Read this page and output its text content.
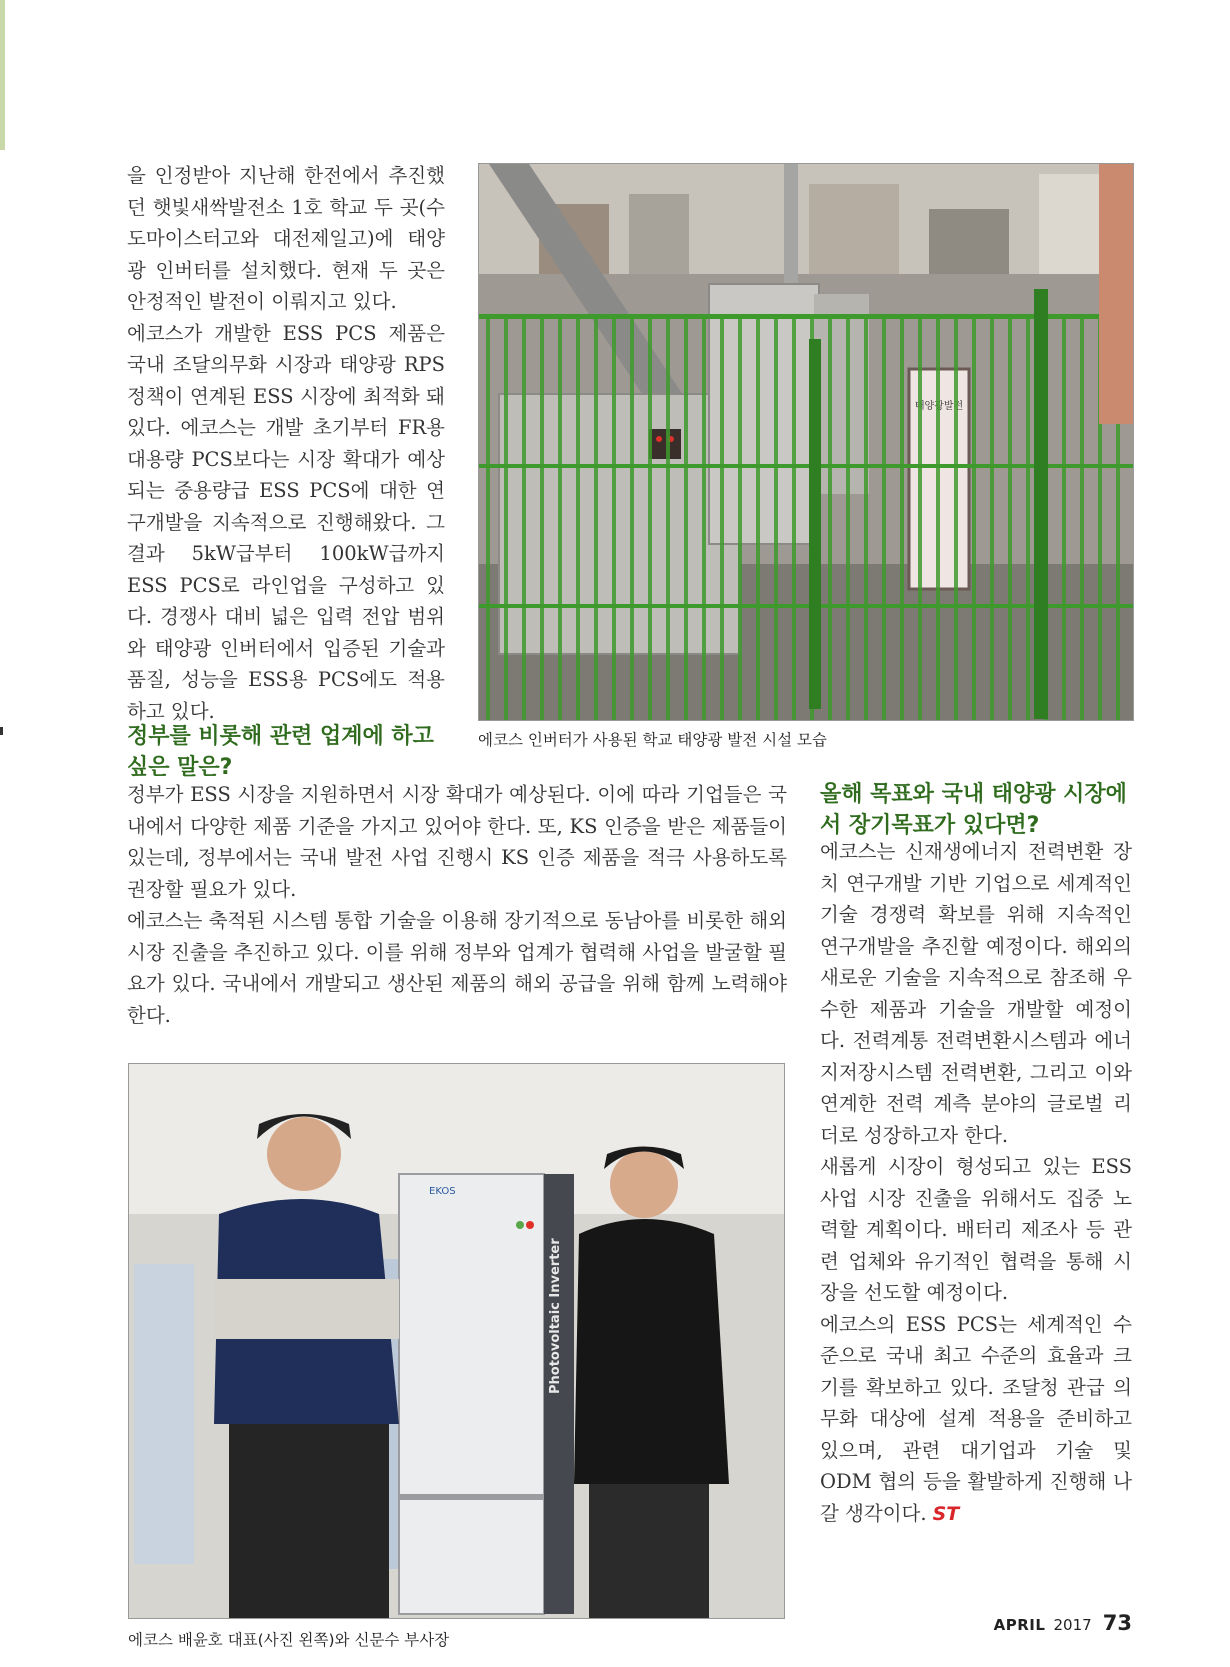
을 인정받아 지난해 한전에서 추진했던 햇빛새싹발전소 1호 학교 두 곳(수도마이스터고와 대전제일고)에 태양광 인버터를 설치했다. 현재 두 곳은 안정적인 발전이 이뤄지고 있다.

에코스가 개발한 ESS PCS 제품은 국내 조달의무화 시장과 태양광 RPS 정책이 연계된 ESS 시장에 최적화 돼 있다. 에코스는 개발 초기부터 FR용 대용량 PCS보다는 시장 확대가 예상되는 중용량급 ESS PCS에 대한 연구개발을 지속적으로 진행해왔다. 그 결과 5kW급부터 100kW급까지 ESS PCS로 라인업을 구성하고 있다. 경쟁사 대비 넓은 입력 전압 범위와 태양광 인버터에서 입증된 기술과 품질, 성능을 ESS용 PCS에도 적용하고 있다.

에코스 인버터가 사용된 학교 태양광 발전 시설 모습

정부를 비롯해 관련 업계에 하고 싶은 말은?

정부가 ESS 시장을 지원하면서 시장 확대가 예상된다. 이에 따라 기업들은 국내에서 다양한 제품 기준을 가지고 있어야 한다. 또, KS 인증을 받은 제품들이 있는데, 정부에서는 국내 발전 사업 진행시 KS 인증 제품을 적극 사용하도록 권장할 필요가 있다.

에코스는 축적된 시스템 통합 기술을 이용해 장기적으로 동남아를 비롯한 해외시장 진출을 추진하고 있다. 이를 위해 정부와 업계가 협력해 사업을 발굴할 필요가 있다. 국내에서 개발되고 생산된 제품의 해외 공급을 위해 함께 노력해야 한다.

올해 목표와 국내 태양광 시장에서 장기목표가 있다면?

에코스는 신재생에너지 전력변환 장치 연구개발 기반 기업으로 세계적인 기술 경쟁력 확보를 위해 지속적인 연구개발을 추진할 예정이다. 해외의 새로운 기술을 지속적으로 참조해 우수한 제품과 기술을 개발할 예정이다. 전력계통 전력변환시스템과 에너지저장시스템 전력변환, 그리고 이와 연계한 전력 계측 분야의 글로벌 리더로 성장하고자 한다.

새롭게 시장이 형성되고 있는 ESS 사업 시장 진출을 위해서도 집중 노력할 계획이다. 배터리 제조사 등 관련 업체와 유기적인 협력을 통해 시장을 선도할 예정이다.

에코스의 ESS PCS는 세계적인 수준으로 국내 최고 수준의 효율과 크기를 확보하고 있다. 조달청 관급 의무화 대상에 설계 적용을 준비하고 있으며, 관련 대기업과 기술 및 ODM 협의 등을 활발하게 진행해 나갈 생각이다. ST

EKOS
Photovoltaic Inverter

에코스 배윤호 대표(사진 왼쪽)와 신문수 부사장

APRIL 2017 73
